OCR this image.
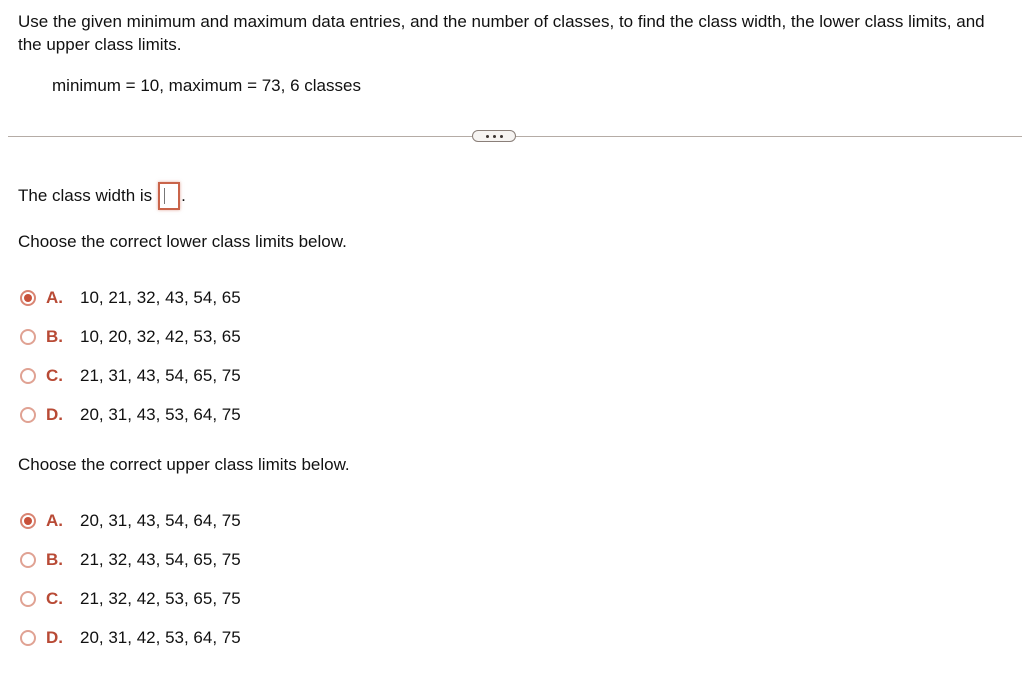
Use the given minimum and maximum data entries, and the number of classes, to find the class width, the lower class limits, and the upper class limits.
minimum = 10, maximum = 73, 6 classes
The class width is .
Choose the correct lower class limits below.
A.	10, 21, 32, 43, 54, 65
B.	10, 20, 32, 42, 53, 65
C.	21, 31, 43, 54, 65, 75
D.	20, 31, 43, 53, 64, 75
Choose the correct upper class limits below.
A.	20, 31, 43, 54, 64, 75
B.	21, 32, 43, 54, 65, 75
C.	21, 32, 42, 53, 65, 75
D.	20, 31, 42, 53, 64, 75
